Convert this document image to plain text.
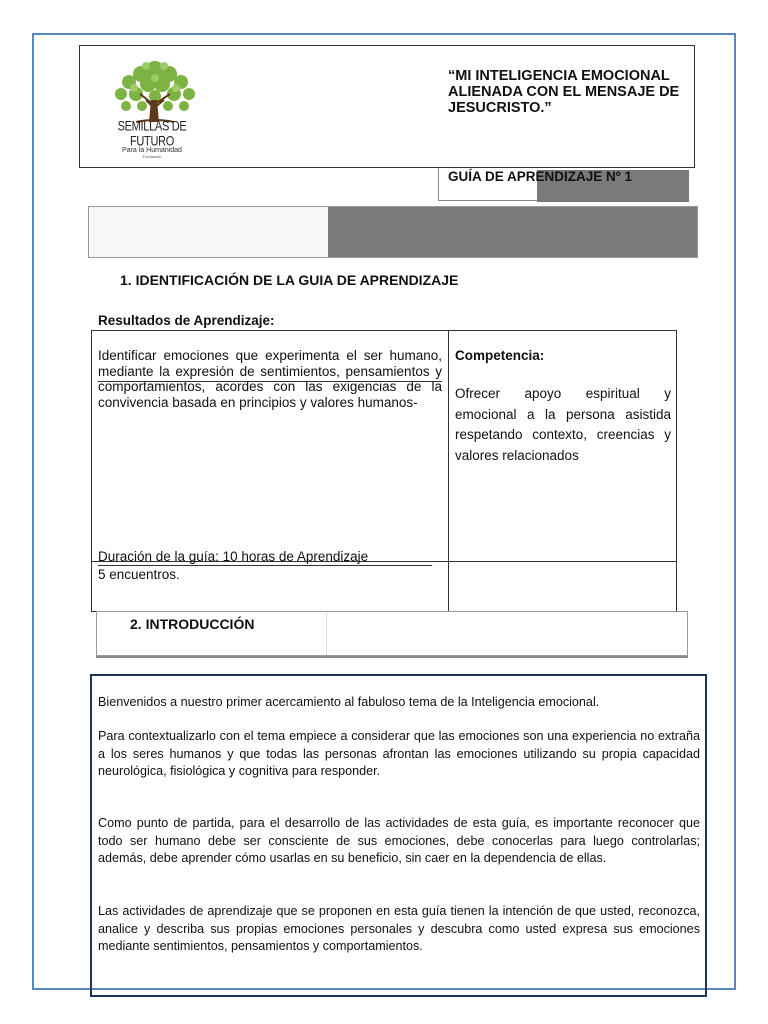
SEMILLAS DE FUTURO
Para la Humanidad
Fundación
“MI INTELIGENCIA EMOCIONAL ALIENADA CON EL MENSAJE DE JESUCRISTO.”
GUÍA DE APRENDIZAJE Nº 1
1. IDENTIFICACIÓN DE LA GUIA DE APRENDIZAJE
Resultados de Aprendizaje:
Identificar emociones que experimenta el ser humano, mediante la expresión de sentimientos, pensamientos y comportamientos, acordes con las exigencias de la convivencia basada en principios y valores humanos-
Duración de la guía: 10 horas de Aprendizaje
5 encuentros.
Competencia:
Ofrecer apoyo espiritual y emocional a la persona asistida respetando contexto, creencias y valores relacionados
2. INTRODUCCIÓN
Bienvenidos a nuestro primer acercamiento al fabuloso tema de la Inteligencia emocional.
Para contextualizarlo con el tema empiece a considerar que las emociones son una experiencia no extraña a los seres humanos y que todas las personas afrontan las emociones utilizando su propia capacidad neurológica, fisiológica y cognitiva para responder.
Como punto de partida, para el desarrollo de las actividades de esta guía, es importante reconocer que todo ser humano debe ser consciente de sus emociones, debe conocerlas para luego controlarlas; además, debe aprender cómo usarlas en su beneficio, sin caer en la dependencia de ellas.
Las actividades de aprendizaje que se proponen en esta guía tienen la intención de que usted, reconozca, analice y describa sus propias emociones personales y descubra como usted expresa sus emociones mediante sentimientos, pensamientos y comportamientos.
